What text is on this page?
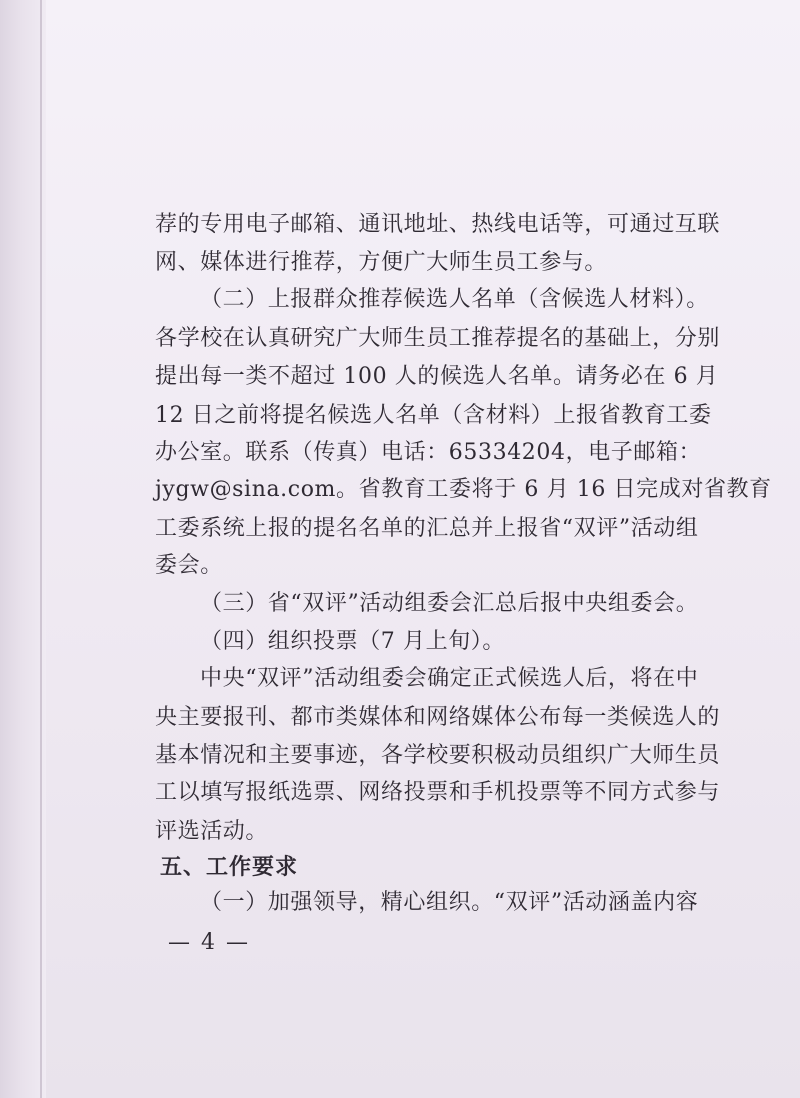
荐的专用电子邮箱、通讯地址、热线电话等，可通过互联
网、媒体进行推荐，方便广大师生员工参与。
（二）上报群众推荐候选人名单（含候选人材料）。
各学校在认真研究广大师生员工推荐提名的基础上，分别
提出每一类不超过 100 人的候选人名单。请务必在 6 月
12 日之前将提名候选人名单（含材料）上报省教育工委
办公室。联系（传真）电话：65334204，电子邮箱：
jygw@sina.com。省教育工委将于 6 月 16 日完成对省教育
工委系统上报的提名名单的汇总并上报省“双评”活动组
委会。
（三）省“双评”活动组委会汇总后报中央组委会。
（四）组织投票（7 月上旬）。
中央“双评”活动组委会确定正式候选人后，将在中
央主要报刊、都市类媒体和网络媒体公布每一类候选人的
基本情况和主要事迹，各学校要积极动员组织广大师生员
工以填写报纸选票、网络投票和手机投票等不同方式参与
评选活动。
五、工作要求
（一）加强领导，精心组织。“双评”活动涵盖内容
— 4 —
